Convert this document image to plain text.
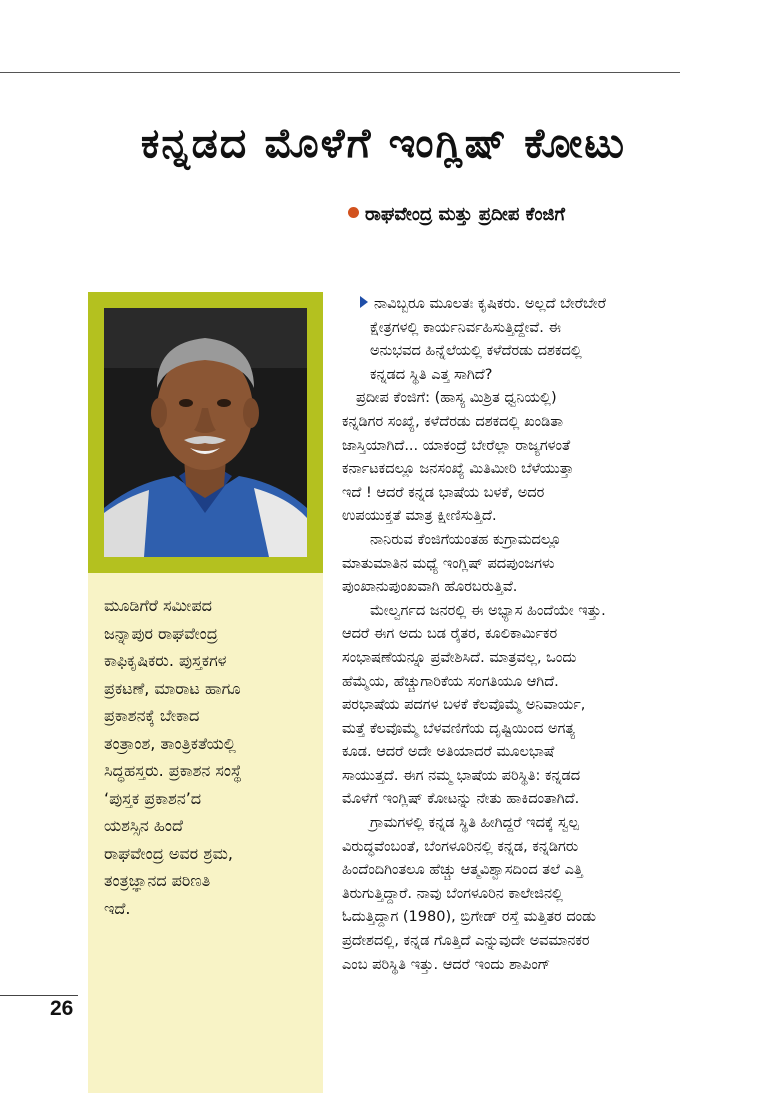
ಕನ್ನಡದ ಮೊಳೆಗೆ ಇಂಗ್ಲಿಷ್ ಕೋಟು
ರಾಘವೇಂದ್ರ ಮತ್ತು ಪ್ರದೀಪ ಕೆಂಜಿಗೆ

ಮೂಡಿಗೆರೆ ಸಮೀಪದ

ಜನ್ನಾಪುರ ರಾಘವೇಂದ್ರ

ಕಾಫಿಕೃಷಿಕರು. ಪುಸ್ತಕಗಳ

ಪ್ರಕಟಣೆ, ಮಾರಾಟ ಹಾಗೂ

ಪ್ರಕಾಶನಕ್ಕೆ ಬೇಕಾದ

ತಂತ್ರಾಂಶ, ತಾಂತ್ರಿಕತೆಯಲ್ಲಿ

ಸಿದ್ಧಹಸ್ತರು. ಪ್ರಕಾಶನ ಸಂಸ್ಥೆ

‘ಪುಸ್ತಕ ಪ್ರಕಾಶನ’ದ

ಯಶಸ್ಸಿನ ಹಿಂದೆ

ರಾಘವೇಂದ್ರ ಅವರ ಶ್ರಮ,

ತಂತ್ರಜ್ಞಾನದ ಪರಿಣತಿ

ಇದೆ.

ನಾವಿಬ್ಬರೂ ಮೂಲತಃ ಕೃಷಿಕರು. ಅಲ್ಲದೆ ಬೇರೆಬೇರೆ

ಕ್ಷೇತ್ರಗಳಲ್ಲಿ ಕಾರ್ಯನಿರ್ವಹಿಸುತ್ತಿದ್ದೇವೆ. ಈ

ಅನುಭವದ ಹಿನ್ನೆಲೆಯಲ್ಲಿ ಕಳೆದೆರಡು ದಶಕದಲ್ಲಿ

ಕನ್ನಡದ ಸ್ಥಿತಿ ಎತ್ತ ಸಾಗಿದೆ?

ಪ್ರದೀಪ ಕೆಂಜಿಗೆ: (ಹಾಸ್ಯ ಮಿಶ್ರಿತ ಧ್ವನಿಯಲ್ಲಿ)

ಕನ್ನಡಿಗರ ಸಂಖ್ಯೆ, ಕಳೆದೆರಡು ದಶಕದಲ್ಲಿ ಖಂಡಿತಾ

ಜಾಸ್ತಿಯಾಗಿದೆ... ಯಾಕಂದ್ರೆ ಬೇರೆಲ್ಲಾ ರಾಜ್ಯಗಳಂತೆ

ಕರ್ನಾಟಕದಲ್ಲೂ ಜನಸಂಖ್ಯೆ ಮಿತಿಮೀರಿ ಬೆಳೆಯುತ್ತಾ

ಇದೆ ! ಆದರೆ ಕನ್ನಡ ಭಾಷೆಯ ಬಳಕೆ, ಅದರ

ಉಪಯುಕ್ತತೆ ಮಾತ್ರ ಕ್ಷೀಣಿಸುತ್ತಿದೆ.

ನಾನಿರುವ ಕೆಂಜಿಗೆಯಂತಹ ಕುಗ್ರಾಮದಲ್ಲೂ

ಮಾತುಮಾತಿನ ಮಧ್ಯೆ ಇಂಗ್ಲಿಷ್ ಪದಪುಂಜಗಳು

ಪುಂಖಾನುಪುಂಖವಾಗಿ ಹೊರಬರುತ್ತಿವೆ.

ಮೇಲ್ವರ್ಗದ ಜನರಲ್ಲಿ ಈ ಅಭ್ಯಾಸ ಹಿಂದೆಯೇ ಇತ್ತು.

ಆದರೆ ಈಗ ಅದು ಬಡ ರೈತರ, ಕೂಲಿಕಾರ್ಮಿಕರ

ಸಂಭಾಷಣೆಯನ್ನೂ ಪ್ರವೇಶಿಸಿದೆ. ಮಾತ್ರವಲ್ಲ, ಒಂದು

ಹೆಮ್ಮೆಯ, ಹೆಚ್ಚುಗಾರಿಕೆಯ ಸಂಗತಿಯೂ ಆಗಿದೆ.

ಪರಭಾಷೆಯ ಪದಗಳ ಬಳಕೆ ಕೆಲವೊಮ್ಮೆ ಅನಿವಾರ್ಯ,

ಮತ್ತೆ ಕೆಲವೊಮ್ಮೆ ಬೆಳವಣಿಗೆಯ ದೃಷ್ಟಿಯಿಂದ ಅಗತ್ಯ

ಕೂಡ. ಆದರೆ ಅದೇ ಅತಿಯಾದರೆ ಮೂಲಭಾಷೆ

ಸಾಯುತ್ತದೆ. ಈಗ ನಮ್ಮ ಭಾಷೆಯ ಪರಿಸ್ಥಿತಿ: ಕನ್ನಡದ

ಮೊಳೆಗೆ ಇಂಗ್ಲಿಷ್ ಕೋಟನ್ನು ನೇತು ಹಾಕಿದಂತಾಗಿದೆ.

ಗ್ರಾಮಗಳಲ್ಲಿ ಕನ್ನಡ ಸ್ಥಿತಿ ಹೀಗಿದ್ದರೆ ಇದಕ್ಕೆ ಸ್ವಲ್ಪ

ವಿರುದ್ಧವೆಂಬಂತೆ, ಬೆಂಗಳೂರಿನಲ್ಲಿ ಕನ್ನಡ, ಕನ್ನಡಿಗರು

ಹಿಂದೆಂದಿಗಿಂತಲೂ ಹೆಚ್ಚು ಆತ್ಮವಿಶ್ವಾಸದಿಂದ ತಲೆ ಎತ್ತಿ

ತಿರುಗುತ್ತಿದ್ದಾರೆ. ನಾವು ಬೆಂಗಳೂರಿನ ಕಾಲೇಜಿನಲ್ಲಿ

ಓದುತ್ತಿದ್ದಾಗ (1980), ಬ್ರಿಗೇಡ್ ರಸ್ತೆ ಮತ್ತಿತರ ದಂಡು

ಪ್ರದೇಶದಲ್ಲಿ, ಕನ್ನಡ ಗೊತ್ತಿದೆ ಎನ್ನುವುದೇ ಅವಮಾನಕರ

ಎಂಬ ಪರಿಸ್ಥಿತಿ ಇತ್ತು. ಆದರೆ ಇಂದು ಶಾಪಿಂಗ್

26
